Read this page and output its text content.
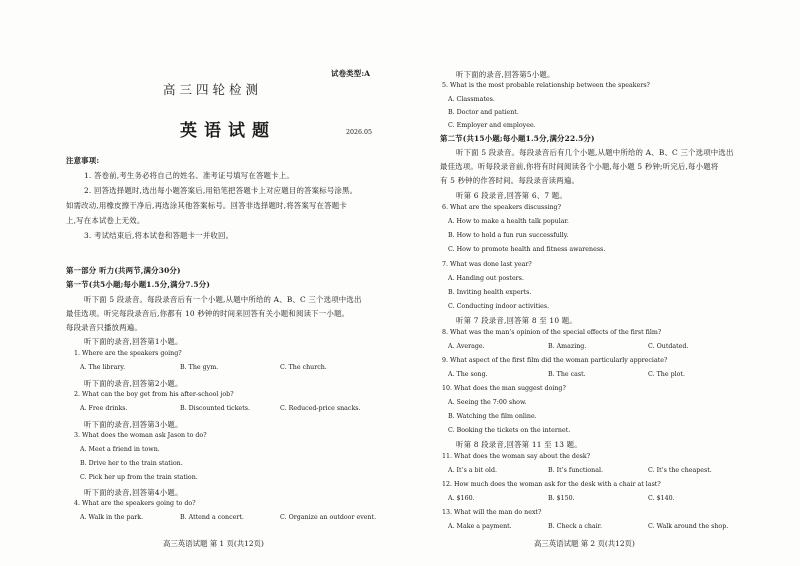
试卷类型:A
高三四轮检测
英语试题	2026.05
注意事项:
1. 答卷前,考生务必将自己的姓名、准考证号填写在答题卡上。
2. 回答选择题时,选出每小题答案后,用铅笔把答题卡上对应题目的答案标号涂黑。
如需改动,用橡皮擦干净后,再选涂其他答案标号。回答非选择题时,将答案写在答题卡
上,写在本试卷上无效。
3. 考试结束后,将本试卷和答题卡一并收回。
第一部分 听力(共两节,满分30分)
第一节(共5小题;每小题1.5分,满分7.5分)
听下面 5 段录音。每段录音后有一个小题,从题中所给的 A、B、C 三个选项中选出
最佳选项。听完每段录音后,你都有 10 秒钟的时间来回答有关小题和阅读下一小题。
每段录音只播放两遍。
听下面的录音,回答第1小题。
1. Where are the speakers going?
A. The library.	B. The gym.	C. The church.
听下面的录音,回答第2小题。
2. What can the boy get from his after-school job?
A. Free drinks.	B. Discounted tickets.	C. Reduced-price snacks.
听下面的录音,回答第3小题。
3. What does the woman ask Jason to do?
A. Meet a friend in town.
B. Drive her to the train station.
C. Pick her up from the train station.
听下面的录音,回答第4小题。
4. What are the speakers going to do?
A. Walk in the park.	B. Attend a concert.	C. Organize an outdoor event.
高三英语试题 第 1 页(共12页)
听下面的录音,回答第5小题。
5. What is the most probable relationship between the speakers?
A. Classmates.
B. Doctor and patient.
C. Employer and employee.
第二节(共15小题;每小题1.5分,满分22.5分)
听下面 5 段录音。每段录音后有几个小题,从题中所给的 A、B、C 三个选项中选出
最佳选项。听每段录音前,你将有时间阅读各个小题,每小题 5 秒钟;听完后,每小题将
有 5 秒钟的作答时间。每段录音读两遍。
听第 6 段录音,回答第 6、7 题。
6. What are the speakers discussing?
A. How to make a health talk popular.
B. How to hold a fun run successfully.
C. How to promote health and fitness awareness.
7. What was done last year?
A. Handing out posters.
B. Inviting health experts.
C. Conducting indoor activities.
听第 7 段录音,回答第 8 至 10 题。
8. What was the man’s opinion of the special effects of the first film?
A. Average.	B. Amazing.	C. Outdated.
9. What aspect of the first film did the woman particularly appreciate?
A. The song.	B. The cast.	C. The plot.
10. What does the man suggest doing?
A. Seeing the 7:00 show.
B. Watching the film online.
C. Booking the tickets on the internet.
听第 8 段录音,回答第 11 至 13 题。
11. What does the woman say about the desk?
A. It’s a bit old.	B. It’s functional.	C. It’s the cheapest.
12. How much does the woman ask for the desk with a chair at last?
A. $160.	B. $150.	C. $140.
13. What will the man do next?
A. Make a payment.	B. Check a chair.	C. Walk around the shop.
高三英语试题 第 2 页(共12页)
